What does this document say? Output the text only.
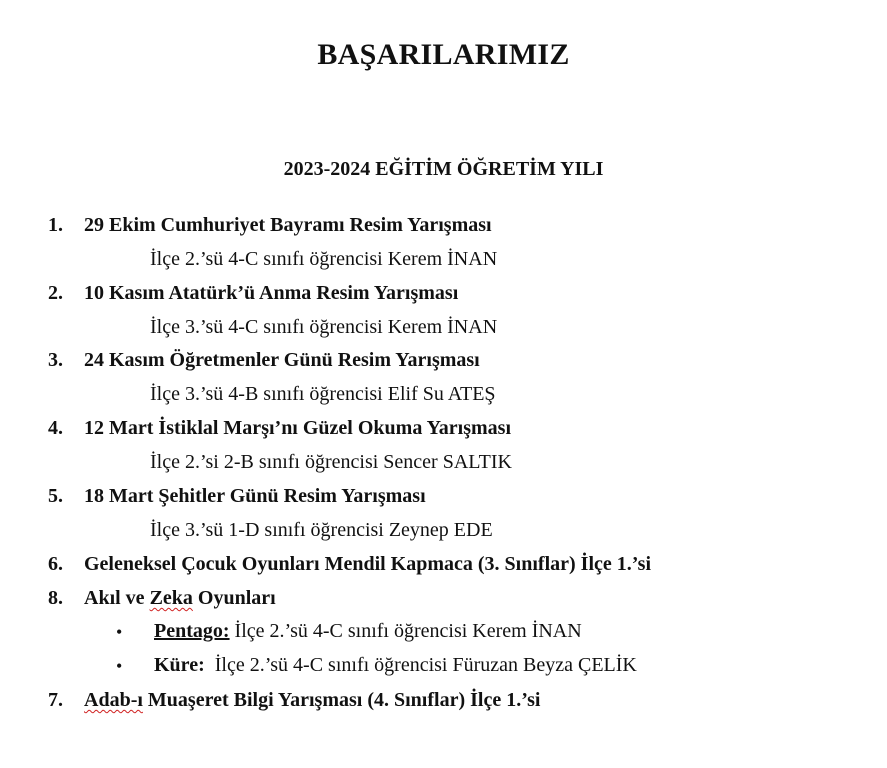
BAŞARILARIMIZ
2023-2024 EĞİTİM ÖĞRETİM YILI
1. 29 Ekim Cumhuriyet Bayramı Resim Yarışması
İlçe 2.’sü 4-C sınıfı öğrencisi Kerem İNAN
2. 10 Kasım Atatürk’ü Anma Resim Yarışması
İlçe 3.’sü 4-C sınıfı öğrencisi Kerem İNAN
3. 24 Kasım Öğretmenler Günü Resim Yarışması
İlçe 3.’sü 4-B sınıfı öğrencisi Elif Su ATEŞ
4. 12 Mart İstiklal Marşı’nı Güzel Okuma Yarışması
İlçe 2.’si 2-B sınıfı öğrencisi Sencer SALTIK
5. 18 Mart Şehitler Günü Resim Yarışması
İlçe 3.’sü 1-D sınıfı öğrencisi Zeynep EDE
6. Geleneksel Çocuk Oyunları Mendil Kapmaca (3. Sınıflar) İlçe 1.’si
8. Akıl ve Zeka Oyunları
• Pentago: İlçe 2.’sü 4-C sınıfı öğrencisi Kerem İNAN
• Küre:  İlçe 2.’sü 4-C sınıfı öğrencisi Füruzan Beyza ÇELİK
7. Adab-ı Muaşeret Bilgi Yarışması (4. Sınıflar) İlçe 1.’si
